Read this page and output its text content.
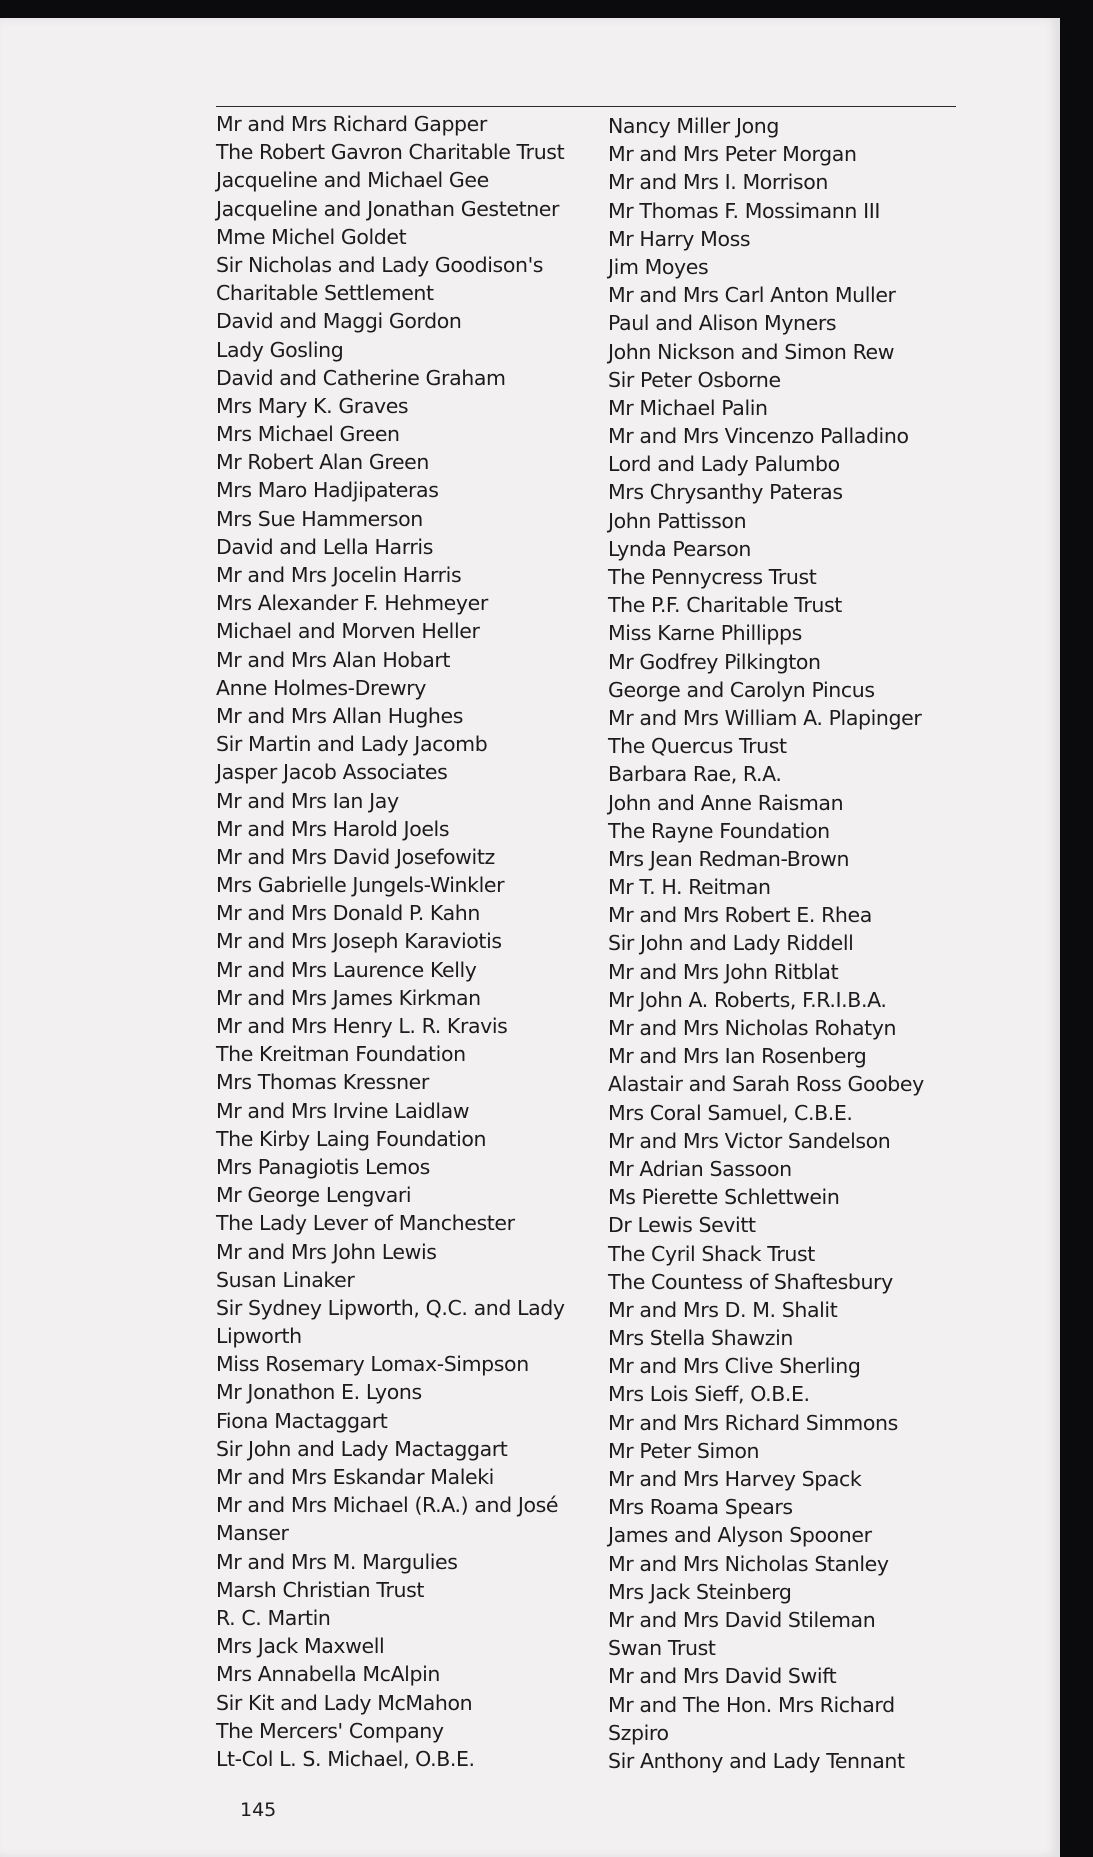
Mr and Mrs Richard Gapper
The Robert Gavron Charitable Trust
Jacqueline and Michael Gee
Jacqueline and Jonathan Gestetner
Mme Michel Goldet
Sir Nicholas and Lady Goodison's
Charitable Settlement
David and Maggi Gordon
Lady Gosling
David and Catherine Graham
Mrs Mary K. Graves
Mrs Michael Green
Mr Robert Alan Green
Mrs Maro Hadjipateras
Mrs Sue Hammerson
David and Lella Harris
Mr and Mrs Jocelin Harris
Mrs Alexander F. Hehmeyer
Michael and Morven Heller
Mr and Mrs Alan Hobart
Anne Holmes-Drewry
Mr and Mrs Allan Hughes
Sir Martin and Lady Jacomb
Jasper Jacob Associates
Mr and Mrs Ian Jay
Mr and Mrs Harold Joels
Mr and Mrs David Josefowitz
Mrs Gabrielle Jungels-Winkler
Mr and Mrs Donald P. Kahn
Mr and Mrs Joseph Karaviotis
Mr and Mrs Laurence Kelly
Mr and Mrs James Kirkman
Mr and Mrs Henry L. R. Kravis
The Kreitman Foundation
Mrs Thomas Kressner
Mr and Mrs Irvine Laidlaw
The Kirby Laing Foundation
Mrs Panagiotis Lemos
Mr George Lengvari
The Lady Lever of Manchester
Mr and Mrs John Lewis
Susan Linaker
Sir Sydney Lipworth, Q.C. and Lady
Lipworth
Miss Rosemary Lomax-Simpson
Mr Jonathon E. Lyons
Fiona Mactaggart
Sir John and Lady Mactaggart
Mr and Mrs Eskandar Maleki
Mr and Mrs Michael (R.A.) and José
Manser
Mr and Mrs M. Margulies
Marsh Christian Trust
R. C. Martin
Mrs Jack Maxwell
Mrs Annabella McAlpin
Sir Kit and Lady McMahon
The Mercers' Company
Lt-Col L. S. Michael, O.B.E.
Nancy Miller Jong
Mr and Mrs Peter Morgan
Mr and Mrs I. Morrison
Mr Thomas F. Mossimann III
Mr Harry Moss
Jim Moyes
Mr and Mrs Carl Anton Muller
Paul and Alison Myners
John Nickson and Simon Rew
Sir Peter Osborne
Mr Michael Palin
Mr and Mrs Vincenzo Palladino
Lord and Lady Palumbo
Mrs Chrysanthy Pateras
John Pattisson
Lynda Pearson
The Pennycress Trust
The P.F. Charitable Trust
Miss Karne Phillipps
Mr Godfrey Pilkington
George and Carolyn Pincus
Mr and Mrs William A. Plapinger
The Quercus Trust
Barbara Rae, R.A.
John and Anne Raisman
The Rayne Foundation
Mrs Jean Redman-Brown
Mr T. H. Reitman
Mr and Mrs Robert E. Rhea
Sir John and Lady Riddell
Mr and Mrs John Ritblat
Mr John A. Roberts, F.R.I.B.A.
Mr and Mrs Nicholas Rohatyn
Mr and Mrs Ian Rosenberg
Alastair and Sarah Ross Goobey
Mrs Coral Samuel, C.B.E.
Mr and Mrs Victor Sandelson
Mr Adrian Sassoon
Ms Pierette Schlettwein
Dr Lewis Sevitt
The Cyril Shack Trust
The Countess of Shaftesbury
Mr and Mrs D. M. Shalit
Mrs Stella Shawzin
Mr and Mrs Clive Sherling
Mrs Lois Sieff, O.B.E.
Mr and Mrs Richard Simmons
Mr Peter Simon
Mr and Mrs Harvey Spack
Mrs Roama Spears
James and Alyson Spooner
Mr and Mrs Nicholas Stanley
Mrs Jack Steinberg
Mr and Mrs David Stileman
Swan Trust
Mr and Mrs David Swift
Mr and The Hon. Mrs Richard
Szpiro
Sir Anthony and Lady Tennant
145
